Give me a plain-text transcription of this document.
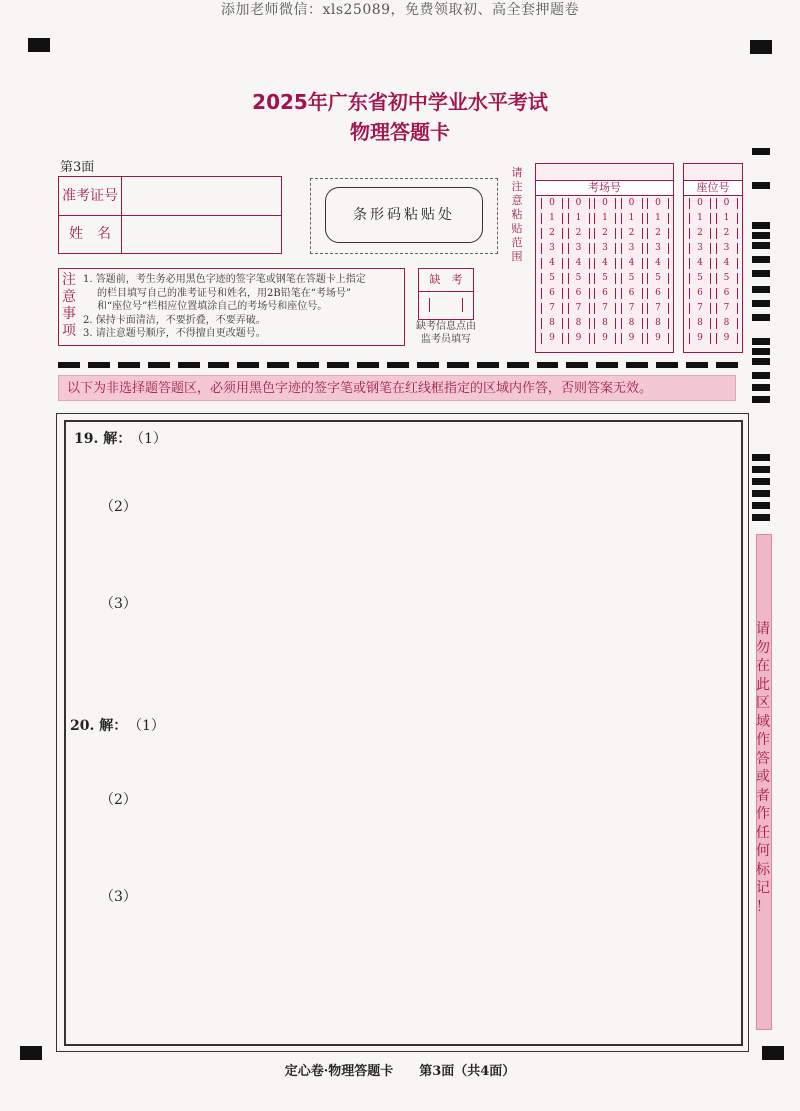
添加老师微信：xls25089，免费领取初、高全套押题卷
2025年广东省初中学业水平考试
物理答题卡
第3面
准考证号
姓　名
条形码粘贴处
请
注
意
粘
贴
范
围
考场号
0
1
2
3
4
5
6
7
8
9
0
1
2
3
4
5
6
7
8
9
0
1
2
3
4
5
6
7
8
9
0
1
2
3
4
5
6
7
8
9
0
1
2
3
4
5
6
7
8
9
座位号
0
1
2
3
4
5
6
7
8
9
0
1
2
3
4
5
6
7
8
9
注
意
事
项
1. 答题前，考生务必用黑色字迹的签字笔或钢笔在答题卡上指定
的栏目填写自己的准考证号和姓名，用2B铅笔在“考场号”
和“座位号”栏相应位置填涂自己的考场号和座位号。
2. 保持卡面清洁，不要折叠，不要弄破。
3. 请注意题号顺序，不得擅自更改题号。
缺　考
缺考信息点由
监考员填写
以下为非选择题答题区，必须用黑色字迹的签字笔或钢笔在红线框指定的区域内作答，否则答案无效。
19. 解：
（1）
（2）
（3）
20. 解： （1）
（2）
（3）
请
勿
在
此
区
域
作
答
或
者
作
任
何
标
记
！
定心卷·物理答题卡　　第3面（共4面）
